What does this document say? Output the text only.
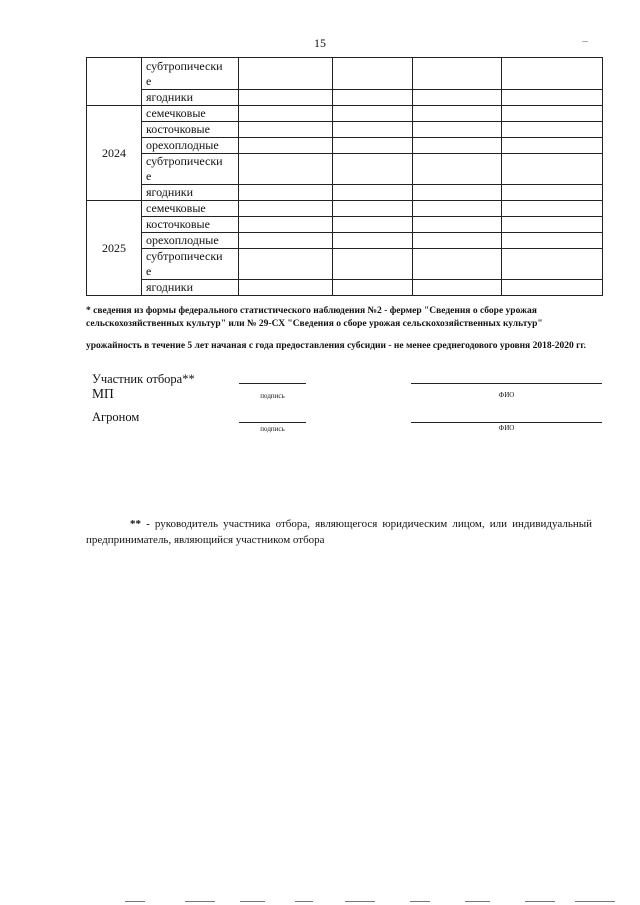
15
	субтропически
е				
	ягодники				
2024	семечковые				
	косточковые				
	орехоплодные				
	субтропически
е				
	ягодники				
2025	семечковые				
	косточковые				
	орехоплодные				
	субтропически
е				
	ягодники				
* сведения из формы федерального статистического наблюдения №2 - фермер "Сведения о сборе урожая сельскохозяйственных культур" или № 29-СХ "Сведения о сборе урожая сельскохозяйственных культур"
урожайность в течение 5 лет начаная с года предоставления субсидии - не менее среднегодового уровня 2018-2020 гг.
Участник отбора**
МП	подпись	ФИО
Агроном
подпись	ФИО
** - руководитель участника отбора, являющегося юридическим лицом, или индивидуальный предприниматель, являющийся участником отбора
